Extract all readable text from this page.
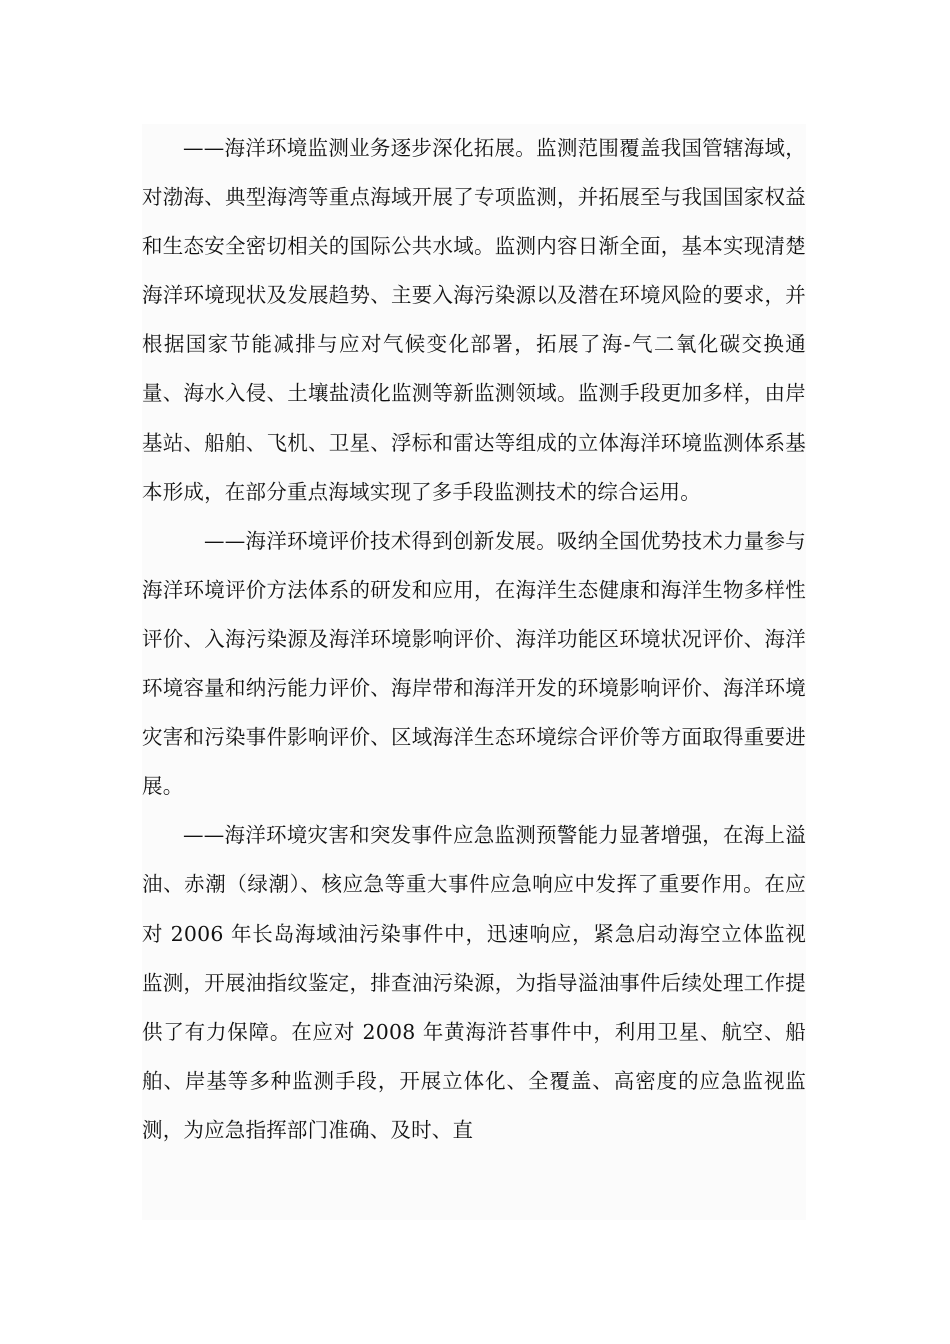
——海洋环境监测业务逐步深化拓展。监测范围覆盖我国管辖海域，对渤海、典型海湾等重点海域开展了专项监测，并拓展至与我国国家权益和生态安全密切相关的国际公共水域。监测内容日渐全面，基本实现清楚海洋环境现状及发展趋势、主要入海污染源以及潜在环境风险的要求，并根据国家节能减排与应对气候变化部署，拓展了海-气二氧化碳交换通量、海水入侵、土壤盐渍化监测等新监测领域。监测手段更加多样，由岸基站、船舶、飞机、卫星、浮标和雷达等组成的立体海洋环境监测体系基本形成，在部分重点海域实现了多手段监测技术的综合运用。

——海洋环境评价技术得到创新发展。吸纳全国优势技术力量参与海洋环境评价方法体系的研发和应用，在海洋生态健康和海洋生物多样性评价、入海污染源及海洋环境影响评价、海洋功能区环境状况评价、海洋环境容量和纳污能力评价、海岸带和海洋开发的环境影响评价、海洋环境灾害和污染事件影响评价、区域海洋生态环境综合评价等方面取得重要进展。

——海洋环境灾害和突发事件应急监测预警能力显著增强，在海上溢油、赤潮（绿潮）、核应急等重大事件应急响应中发挥了重要作用。在应对 2006 年长岛海域油污染事件中，迅速响应，紧急启动海空立体监视监测，开展油指纹鉴定，排查油污染源，为指导溢油事件后续处理工作提供了有力保障。在应对 2008 年黄海浒苔事件中，利用卫星、航空、船舶、岸基等多种监测手段，开展立体化、全覆盖、高密度的应急监视监测，为应急指挥部门准确、及时、直
